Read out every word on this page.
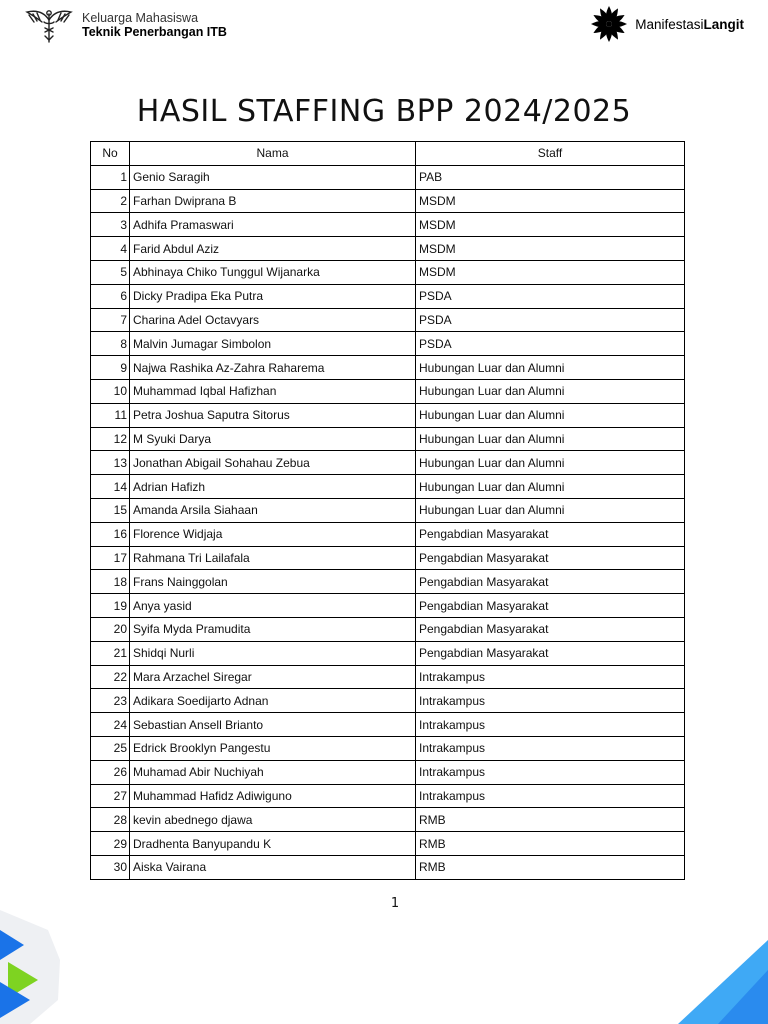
Keluarga Mahasiswa
Teknik Penerbangan ITB
ManifestasiLangit
HASIL STAFFING BPP 2024/2025
No	Nama	Staff
1	Genio Saragih	PAB
2	Farhan Dwiprana B	MSDM
3	Adhifa Pramaswari	MSDM
4	Farid Abdul Aziz	MSDM
5	Abhinaya Chiko Tunggul Wijanarka	MSDM
6	Dicky Pradipa Eka Putra	PSDA
7	Charina Adel Octavyars	PSDA
8	Malvin Jumagar Simbolon	PSDA
9	Najwa Rashika Az-Zahra Raharema	Hubungan Luar dan Alumni
10	Muhammad Iqbal Hafizhan	Hubungan Luar dan Alumni
11	Petra Joshua Saputra Sitorus	Hubungan Luar dan Alumni
12	M Syuki Darya	Hubungan Luar dan Alumni
13	Jonathan Abigail Sohahau Zebua	Hubungan Luar dan Alumni
14	Adrian Hafizh	Hubungan Luar dan Alumni
15	Amanda Arsila Siahaan	Hubungan Luar dan Alumni
16	Florence Widjaja	Pengabdian Masyarakat
17	Rahmana Tri Lailafala	Pengabdian Masyarakat
18	Frans Nainggolan	Pengabdian Masyarakat
19	Anya yasid	Pengabdian Masyarakat
20	Syifa Myda Pramudita	Pengabdian Masyarakat
21	Shidqi Nurli	Pengabdian Masyarakat
22	Mara Arzachel Siregar	Intrakampus
23	Adikara Soedijarto Adnan	Intrakampus
24	Sebastian Ansell Brianto	Intrakampus
25	Edrick Brooklyn Pangestu	Intrakampus
26	Muhamad Abir Nuchiyah	Intrakampus
27	Muhammad Hafidz Adiwiguno	Intrakampus
28	kevin abednego djawa	RMB
29	Dradhenta Banyupandu K	RMB
30	Aiska Vairana	RMB
1
